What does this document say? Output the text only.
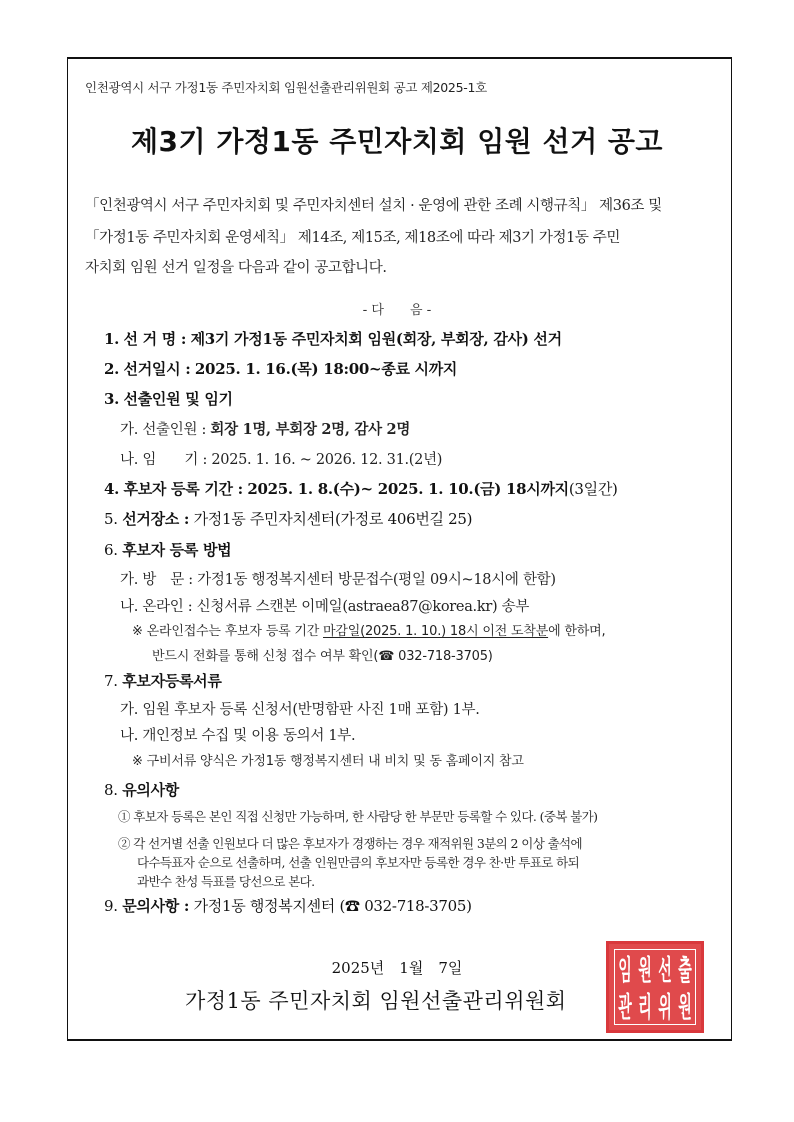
인천광역시 서구 가정1동 주민자치회 임원선출관리위원회 공고 제2025-1호
제3기 가정1동 주민자치회 임원 선거 공고
「인천광역시 서구 주민자치회 및 주민자치센터 설치 · 운영에 관한 조례 시행규칙」 제36조 및
「가정1동 주민자치회 운영세칙」 제14조, 제15조, 제18조에 따라 제3기 가정1동 주민
자치회 임원 선거 일정을 다음과 같이 공고합니다.
- 다　　음 -
1. 선 거 명 : 제3기 가정1동 주민자치회 임원(회장, 부회장, 감사) 선거
2. 선거일시 : 2025. 1. 16.(목) 18:00~종료 시까지
3. 선출인원 및 임기
가. 선출인원 : 회장 1명, 부회장 2명, 감사 2명
나. 임　　기 : 2025. 1. 16. ~ 2026. 12. 31.(2년)
4. 후보자 등록 기간 : 2025. 1. 8.(수)~ 2025. 1. 10.(금) 18시까지(3일간)
5. 선거장소 : 가정1동 주민자치센터(가정로 406번길 25)
6. 후보자 등록 방법
가. 방　문 : 가정1동 행정복지센터 방문접수(평일 09시~18시에 한함)
나. 온라인 : 신청서류 스캔본 이메일(astraea87@korea.kr) 송부
※ 온라인접수는 후보자 등록 기간 마감일(2025. 1. 10.) 18시 이전 도착분에 한하며,
반드시 전화를 통해 신청 접수 여부 확인(☎ 032-718-3705)
7. 후보자등록서류
가. 임원 후보자 등록 신청서(반명함판 사진 1매 포함) 1부.
나. 개인정보 수집 및 이용 동의서 1부.
※ 구비서류 양식은 가정1동 행정복지센터 내 비치 및 동 홈페이지 참고
8. 유의사항
① 후보자 등록은 본인 직접 신청만 가능하며, 한 사람당 한 부문만 등록할 수 있다. (중복 불가)
② 각 선거별 선출 인원보다 더 많은 후보자가 경쟁하는 경우 재적위원 3분의 2 이상 출석에
다수득표자 순으로 선출하며, 선출 인원만큼의 후보자만 등록한 경우 찬·반 투표로 하되
과반수 찬성 득표를 당선으로 본다.
9. 문의사항 : 가정1동 행정복지센터 (☎ 032-718-3705)
2025년　1월　7일
가정1동 주민자치회 임원선출관리위원회
임 원 선 출
관 리 위 원
